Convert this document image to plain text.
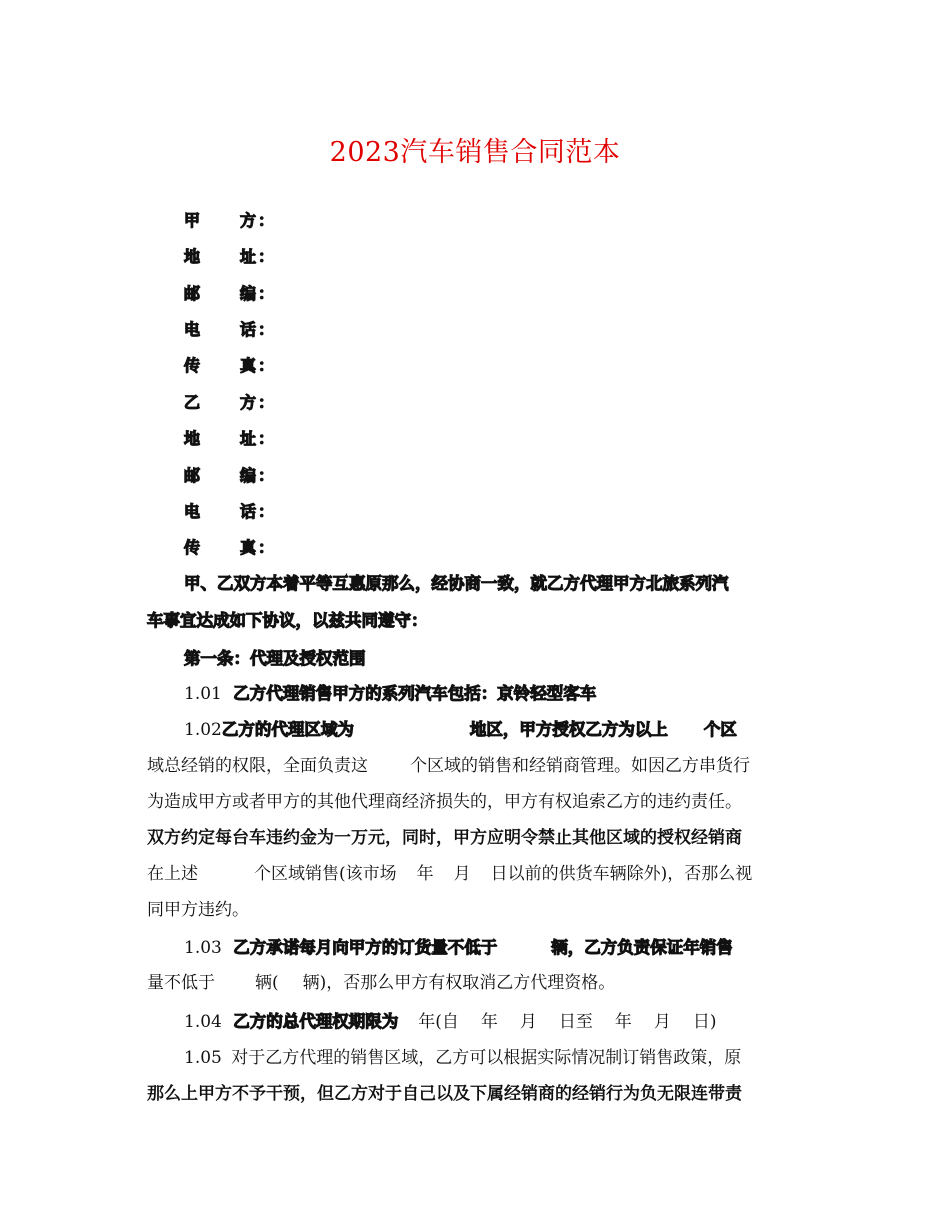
2023汽车销售合同范本
甲 方 ：
地 址 ：
邮 编 ：
电 话 ：
传 真 ：
乙 方 ：
地 址 ：
邮 编 ：
电 话 ：
传 真 ：
甲、乙双方本着平等互惠原那么，经协商一致，就乙方代理甲方北旅系列汽
车事宜达成如下协议，以兹共同遵守：
第一条：代理及授权范围
1.01 乙方代理销售甲方的系列汽车包括：京铃轻型客车
1.02乙方的代理区域为	地区，甲方授权乙方为以上 个区
域总经销的权限，全面负责这 个区域的销售和经销商管理。如因乙方串货行
为造成甲方或者甲方的其他代理商经济损失的，甲方有权追索乙方的违约责任。
双方约定每台车违约金为一万元，同时，甲方应明令禁止其他区域的授权经销商
在上述	个区域销售(该市场 年 月 日以前的供货车辆除外)，否那么视
同甲方违约。
1.03 乙方承诺每月向甲方的订货量不低于	辆，乙方负责保证年销售
量不低于 辆( 辆)，否那么甲方有权取消乙方代理资格。
1.04 乙方的总代理权期限为 年(自 年 月 日至 年 月 日)
1.05 对于乙方代理的销售区域，乙方可以根据实际情况制订销售政策，原
那么上甲方不予干预，但乙方对于自己以及下属经销商的经销行为负无限连带责
